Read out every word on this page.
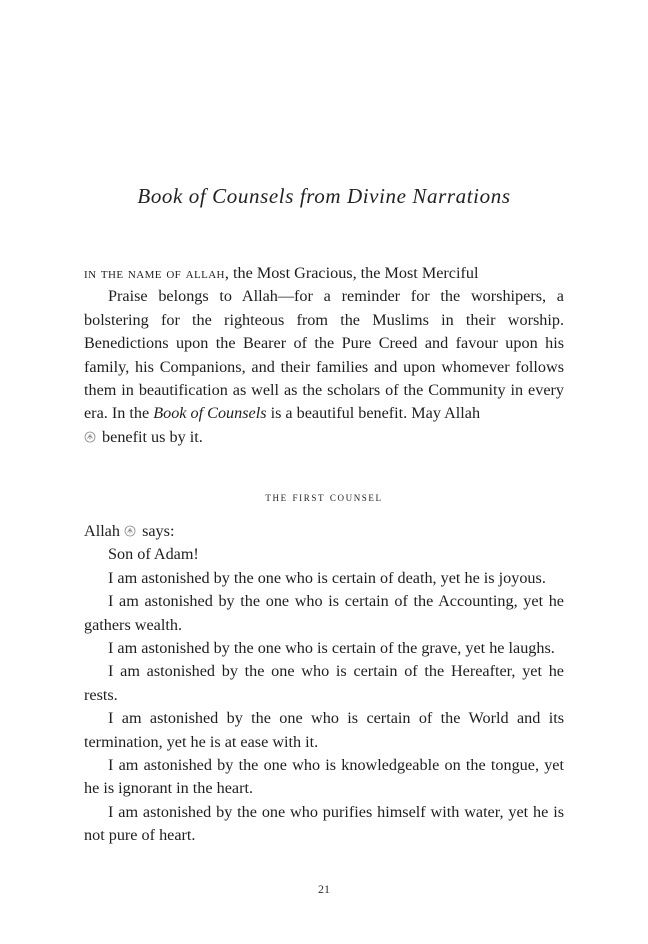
Book of Counsels from Divine Narrations

in the name of allah, the Most Gracious, the Most Merciful

Praise belongs to Allah—for a reminder for the worshipers, a bolstering for the righteous from the Muslims in their worship. Benedictions upon the Bearer of the Pure Creed and favour upon his family, his Companions, and their families and upon whomever follows them in beautification as well as the scholars of the Community in every era. In the Book of Counsels is a beautiful benefit. May Allah
benefit us by it.

the first counsel

Allah  says:

Son of Adam!

I am astonished by the one who is certain of death, yet he is joyous.

I am astonished by the one who is certain of the Accounting, yet he gathers wealth.

I am astonished by the one who is certain of the grave, yet he laughs.

I am astonished by the one who is certain of the Hereafter, yet he rests.

I am astonished by the one who is certain of the World and its termination, yet he is at ease with it.

I am astonished by the one who is knowledgeable on the tongue, yet he is ignorant in the heart.

I am astonished by the one who purifies himself with water, yet he is not pure of heart.

21
